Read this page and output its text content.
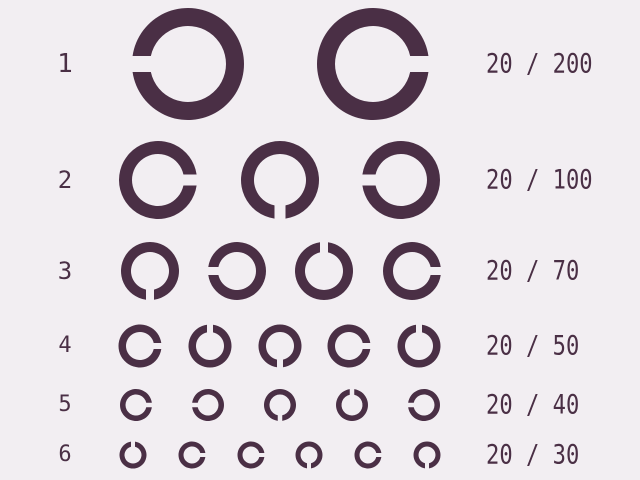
1	20 / 200
2	20 / 100
3	20 / 70
4	20 / 50
5	20 / 40
6	20 / 30
